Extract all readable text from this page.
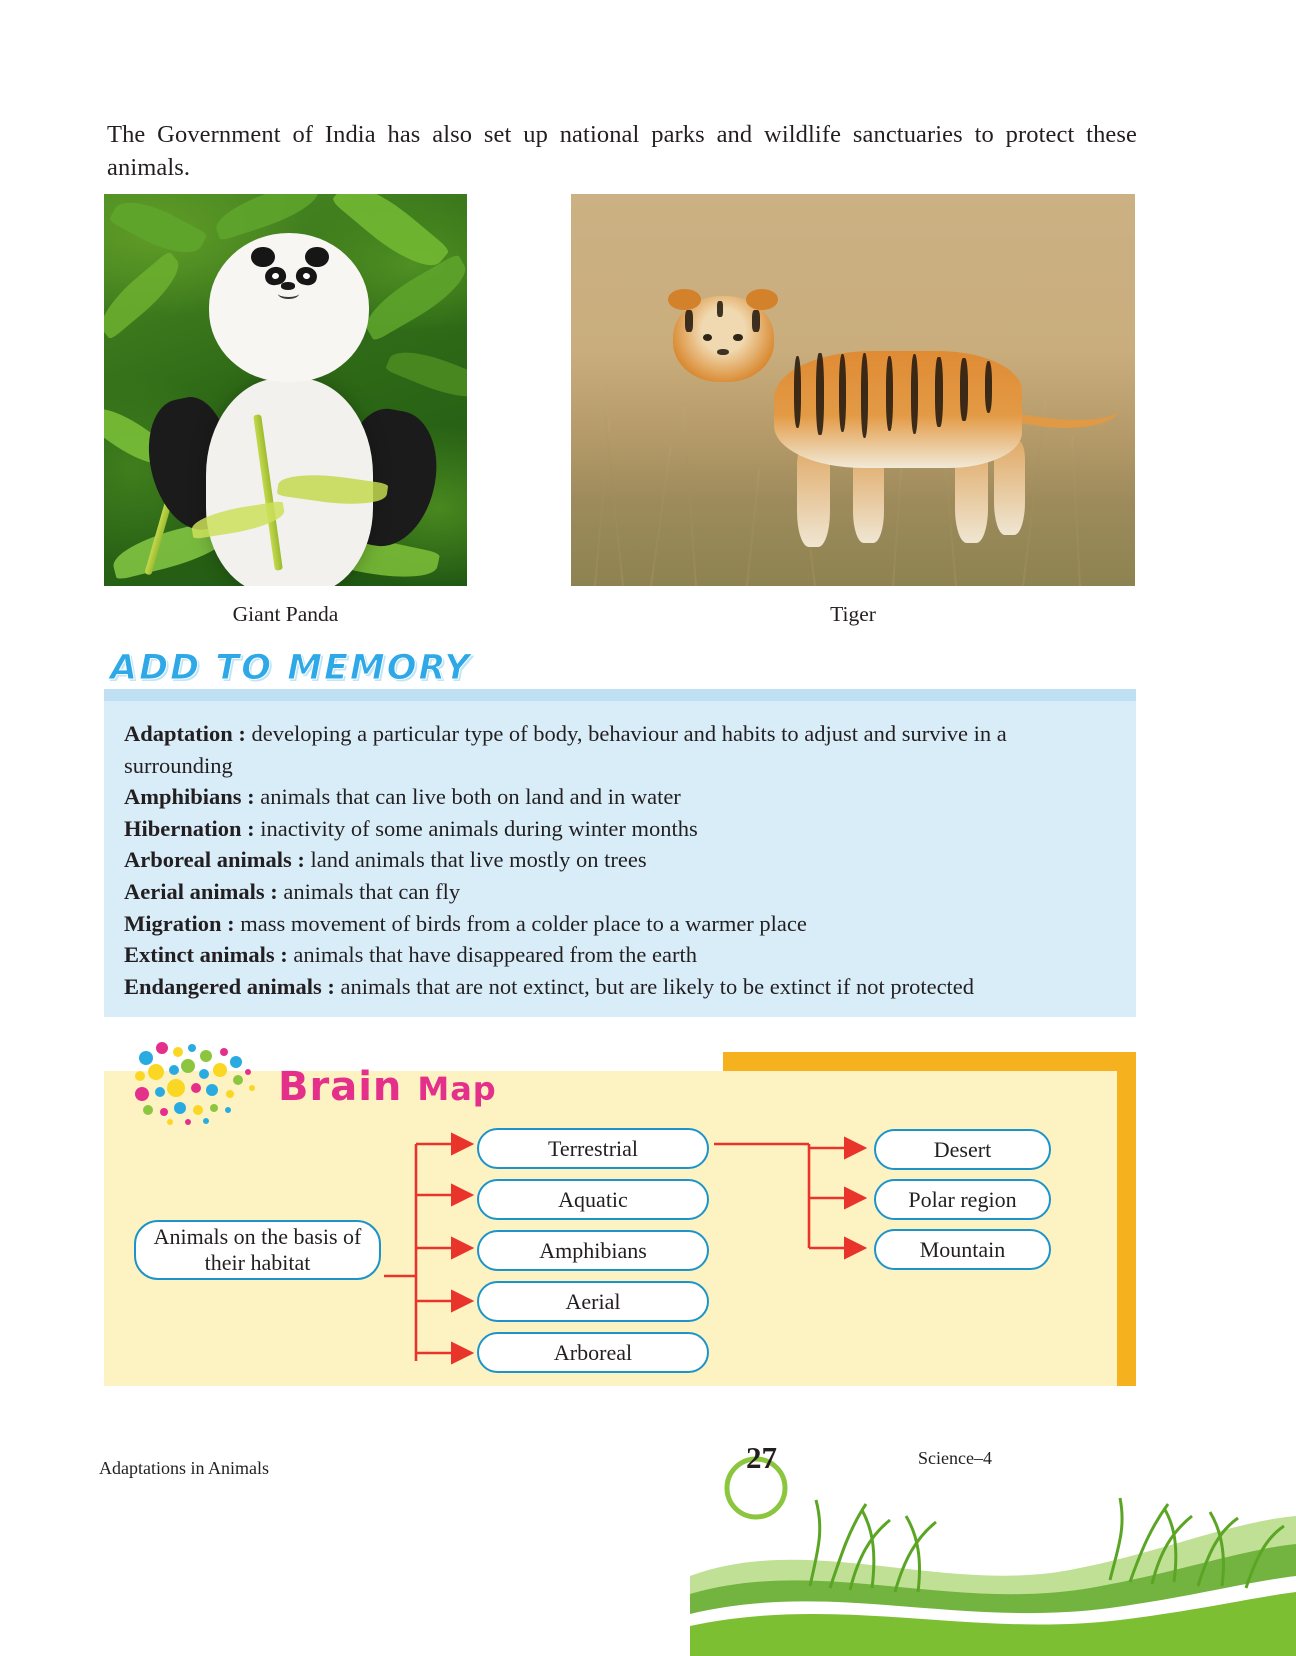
The Government of India has also set up national parks and wildlife sanctuaries to protect these animals.
Giant Panda	Tiger
ADD TO MEMORY
Adaptation : developing a particular type of body, behaviour and habits to adjust and survive in a surrounding
Amphibians : animals that can live both on land and in water
Hibernation : inactivity of some animals during winter months
Arboreal animals : land animals that live mostly on trees
Aerial animals : animals that can fly
Migration : mass movement of birds from a colder place to a warmer place
Extinct animals : animals that have disappeared from the earth
Endangered animals : animals that are not extinct, but are likely to be extinct if not protected
Brain Map
Animals on the basis of their habitat
Terrestrial
Aquatic
Amphibians
Aerial
Arboreal
Desert
Polar region
Mountain
27
Adaptations in Animals	Science–4
